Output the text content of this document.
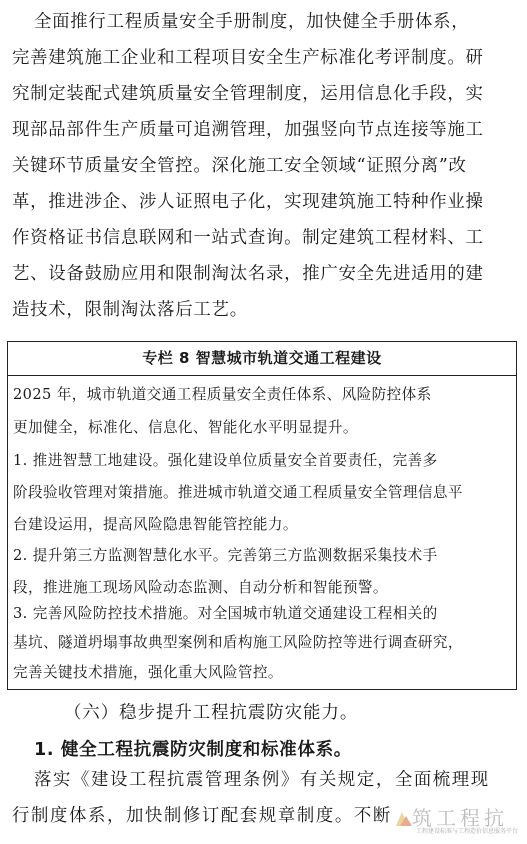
全面推行工程质量安全手册制度，加快健全手册体系，
完善建筑施工企业和工程项目安全生产标准化考评制度。研
究制定装配式建筑质量安全管理制度，运用信息化手段，实
现部品部件生产质量可追溯管理，加强竖向节点连接等施工
关键环节质量安全管控。深化施工安全领域“证照分离”改
革，推进涉企、涉人证照电子化，实现建筑施工特种作业操
作资格证书信息联网和一站式查询。制定建筑工程材料、工
艺、设备鼓励应用和限制淘汰名录，推广安全先进适用的建
造技术，限制淘汰落后工艺。
专栏 8 智慧城市轨道交通工程建设
2025 年，城市轨道交通工程质量安全责任体系、风险防控体系
更加健全，标准化、信息化、智能化水平明显提升。
1. 推进智慧工地建设。强化建设单位质量安全首要责任，完善多
阶段验收管理对策措施。推进城市轨道交通工程质量安全管理信息平
台建设运用，提高风险隐患智能管控能力。
2. 提升第三方监测智慧化水平。完善第三方监测数据采集技术手
段，推进施工现场风险动态监测、自动分析和智能预警。
3. 完善风险防控技术措施。对全国城市轨道交通建设工程相关的
基坑、隧道坍塌事故典型案例和盾构施工风险防控等进行调查研究，
完善关键技术措施，强化重大风险管控。
（六）稳步提升工程抗震防灾能力。
1. 健全工程抗震防灾制度和标准体系。
落实《建设工程抗震管理条例》有关规定，全面梳理现
行制度体系，加快制修订配套规章制度。不断 筑工程抗
工程建设标准与工程造价信息服务平台
